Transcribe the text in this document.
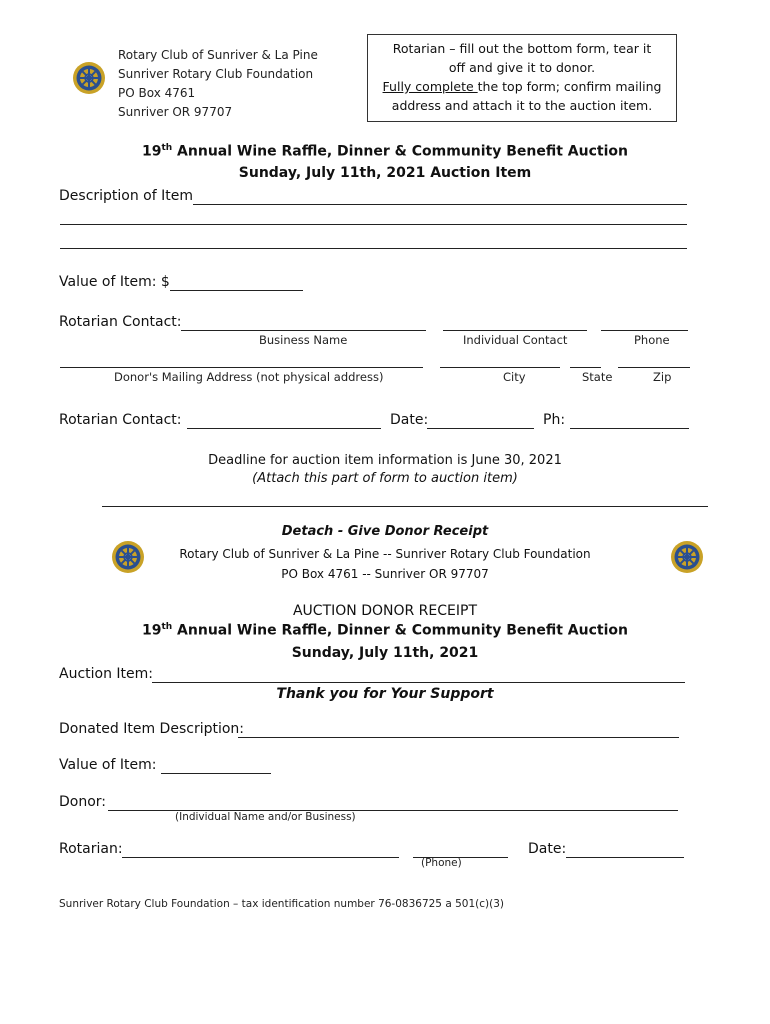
Rotary Club of Sunriver & La Pine
Sunriver Rotary Club Foundation
PO Box 4761
Sunriver OR 97707
Rotarian – fill out the bottom form, tear it
off and give it to donor.
Fully complete the top form; confirm mailing
address and attach it to the auction item.
19th Annual Wine Raffle, Dinner & Community Benefit Auction
Sunday, July 11th, 2021 Auction Item
Description of Item
Value of Item: $
Rotarian Contact:
Business Name	Individual Contact	Phone
Donor's Mailing Address (not physical address)	City	State	Zip
Rotarian Contact:	Date:	Ph:
Deadline for auction item information is June 30, 2021
(Attach this part of form to auction item)
Detach - Give Donor Receipt
Rotary Club of Sunriver & La Pine -- Sunriver Rotary Club Foundation
PO Box 4761 -- Sunriver OR 97707
AUCTION DONOR RECEIPT
19th Annual Wine Raffle, Dinner & Community Benefit Auction
Sunday, July 11th, 2021
Auction Item:
Thank you for Your Support
Donated Item Description:
Value of Item:
Donor:
(Individual Name and/or Business)
Rotarian:
(Phone)
Date:
Sunriver Rotary Club Foundation – tax identification number 76-0836725 a 501(c)(3)
